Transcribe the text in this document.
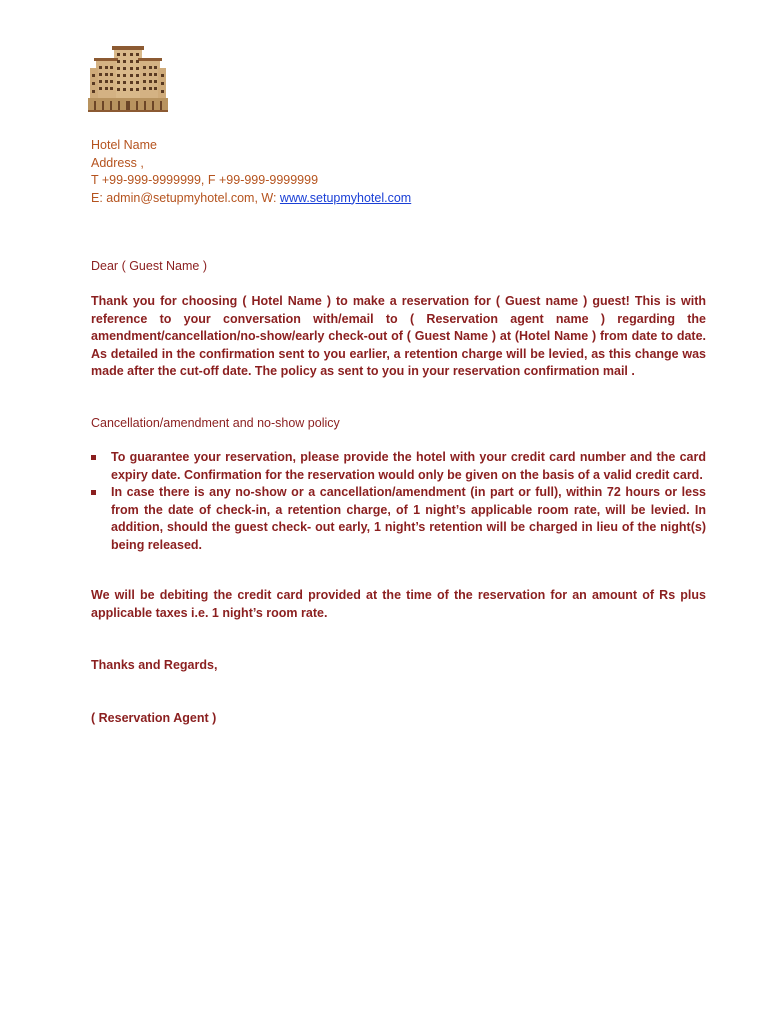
Hotel Name
Address ,
T +99-999-9999999, F +99-999-9999999
E: admin@setupmyhotel.com, W: www.setupmyhotel.com
Dear ( Guest Name )
Thank you for choosing ( Hotel Name ) to make a reservation for ( Guest name ) guest! This is with reference to your conversation with/email to ( Reservation agent name ) regarding the amendment/cancellation/no-show/early check-out of ( Guest Name ) at (Hotel Name ) from date to date. As detailed in the confirmation sent to you earlier, a retention charge will be levied, as this change was made after the cut-off date. The policy as sent to you in your reservation confirmation mail .
Cancellation/amendment and no-show policy
To guarantee your reservation, please provide the hotel with your credit card number and the card expiry date. Confirmation for the reservation would only be given on the basis of a valid credit card.
In case there is any no-show or a cancellation/amendment (in part or full), within 72 hours or less from the date of check-in, a retention charge, of 1 night’s applicable room rate, will be levied. In addition, should the guest check- out early, 1 night’s retention will be charged in lieu of the night(s) being released.
We will be debiting the credit card provided at the time of the reservation for an amount of Rs plus applicable taxes i.e. 1 night’s room rate.
Thanks and Regards,
( Reservation Agent )
